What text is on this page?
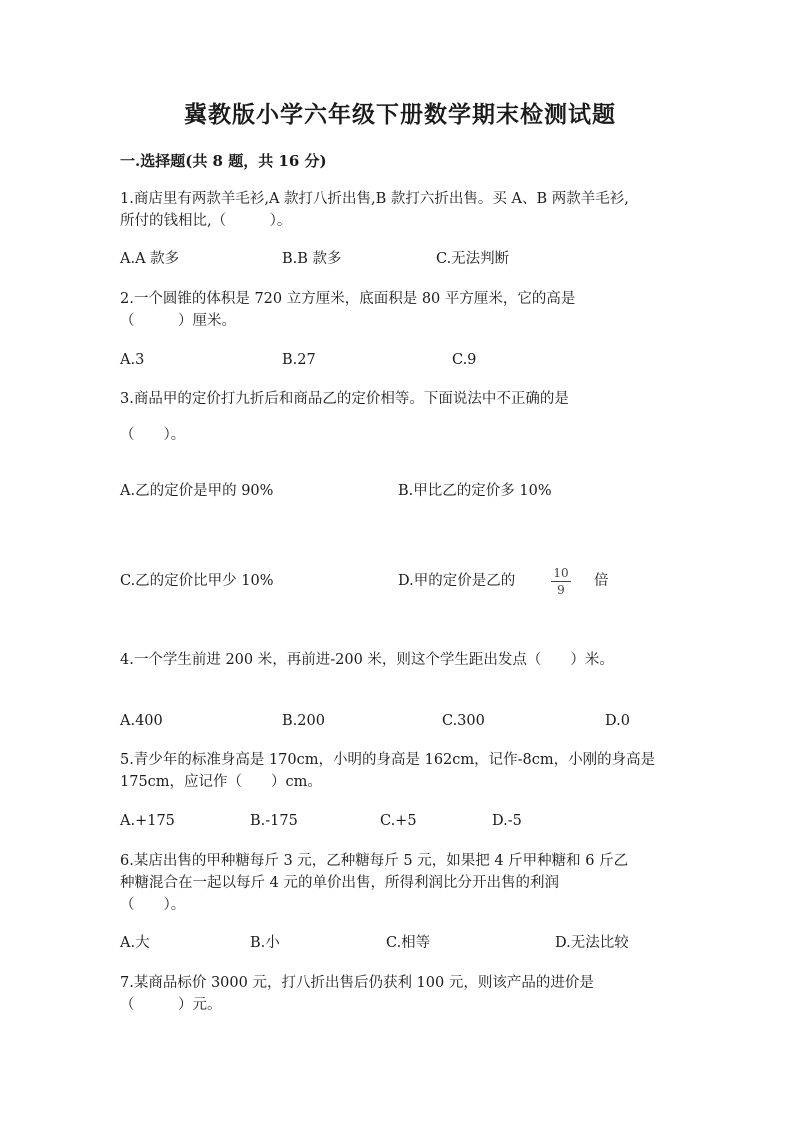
冀教版小学六年级下册数学期末检测试题
一.选择题(共 8 题，共 16 分)
1.商店里有两款羊毛衫,A 款打八折出售,B 款打六折出售。买 A、B 两款羊毛衫,
所付的钱相比,（　　　）。
A.A 款多	B.B 款多	C.无法判断
2.一个圆锥的体积是 720 立方厘米，底面积是 80 平方厘米，它的高是
（　　　）厘米。
A.3	B.27	C.9
3.商品甲的定价打九折后和商品乙的定价相等。下面说法中不正确的是
（　　）。
A.乙的定价是甲的 90%	B.甲比乙的定价多 10%
C.乙的定价比甲少 10%	D.甲的定价是乙的	10
9
倍
4.一个学生前进 200 米，再前进-200 米，则这个学生距出发点（　　）米。
A.400	B.200	C.300	D.0
5.青少年的标准身高是 170cm，小明的身高是 162cm，记作-8cm，小刚的身高是
175cm，应记作（　　）cm。
A.+175	B.-175	C.+5	D.-5
6.某店出售的甲种糖每斤 3 元，乙种糖每斤 5 元，如果把 4 斤甲种糖和 6 斤乙
种糖混合在一起以每斤 4 元的单价出售，所得利润比分开出售的利润
（　　）。
A.大	B.小	C.相等	D.无法比较
7.某商品标价 3000 元，打八折出售后仍获利 100 元，则该产品的进价是
（　　　）元。
